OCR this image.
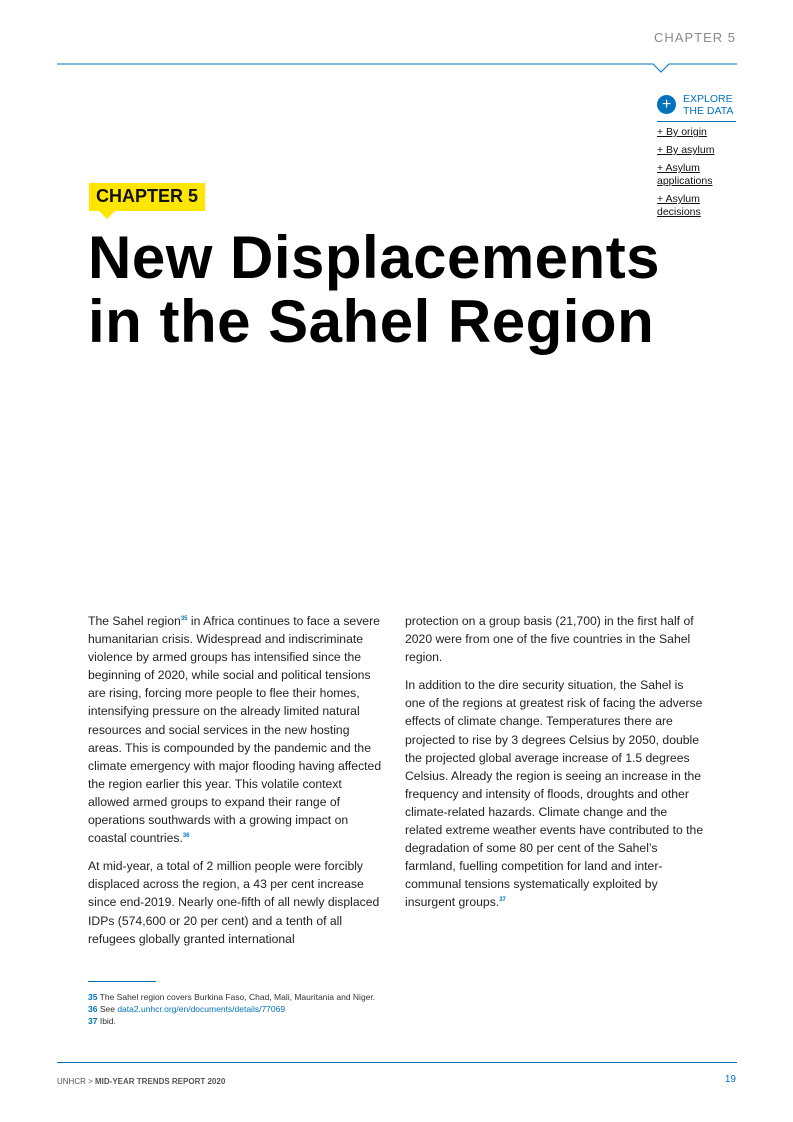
CHAPTER 5
+	EXPLORE
THE DATA
+ By origin
+ By asylum
+ Asylum applications
+ Asylum decisions
CHAPTER 5
New Displacements
in the Sahel Region

The Sahel region$^{35}$ in Africa continues to face a severe humanitarian crisis. Widespread and indiscriminate violence by armed groups has intensified since the beginning of 2020, while social and political tensions are rising, forcing more people to flee their homes, intensifying pressure on the already limited natural resources and social services in the new hosting areas. This is compounded by the pandemic and the climate emergency with major flooding having affected the region earlier this year. This volatile context allowed armed groups to expand their range of operations southwards with a growing impact on coastal countries.$^{36}$

At mid-year, a total of 2 million people were forcibly displaced across the region, a 43 per cent increase since end-2019. Nearly one-fifth of all newly displaced IDPs (574,600 or 20 per cent) and a tenth of all refugees globally granted international

protection on a group basis (21,700) in the first half of 2020 were from one of the five countries in the Sahel region.

In addition to the dire security situation, the Sahel is one of the regions at greatest risk of facing the adverse effects of climate change. Temperatures there are projected to rise by 3 degrees Celsius by 2050, double the projected global average increase of 1.5 degrees Celsius. Already the region is seeing an increase in the frequency and intensity of floods, droughts and other climate-related hazards. Climate change and the related extreme weather events have contributed to the degradation of some 80 per cent of the Sahel’s farmland, fuelling competition for land and inter-communal tensions systematically exploited by insurgent groups.$^{37}$

35 The Sahel region covers Burkina Faso, Chad, Mali, Mauritania and Niger.
36 See data2.unhcr.org/en/documents/details/77069
37 Ibid.
UNHCR > MID-YEAR TRENDS REPORT 2020	19
